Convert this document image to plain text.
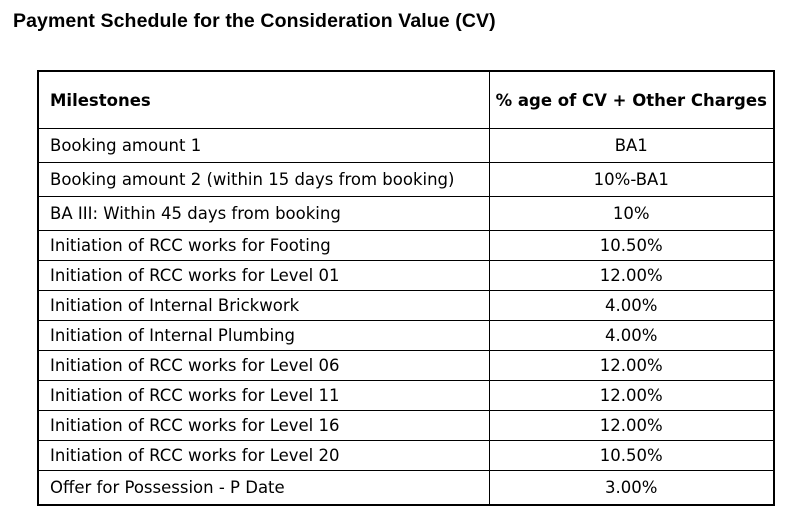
Payment Schedule for the Consideration Value (CV)
Milestones	% age of CV + Other Charges
Booking amount 1	BA1
Booking amount 2 (within 15 days from booking)	10%-BA1
BA III: Within 45 days from booking	10%
Initiation of RCC works for Footing	10.50%
Initiation of RCC works for Level 01	12.00%
Initiation of Internal Brickwork	4.00%
Initiation of Internal Plumbing	4.00%
Initiation of RCC works for Level 06	12.00%
Initiation of RCC works for Level 11	12.00%
Initiation of RCC works for Level 16	12.00%
Initiation of RCC works for Level 20	10.50%
Offer for Possession - P Date	3.00%
